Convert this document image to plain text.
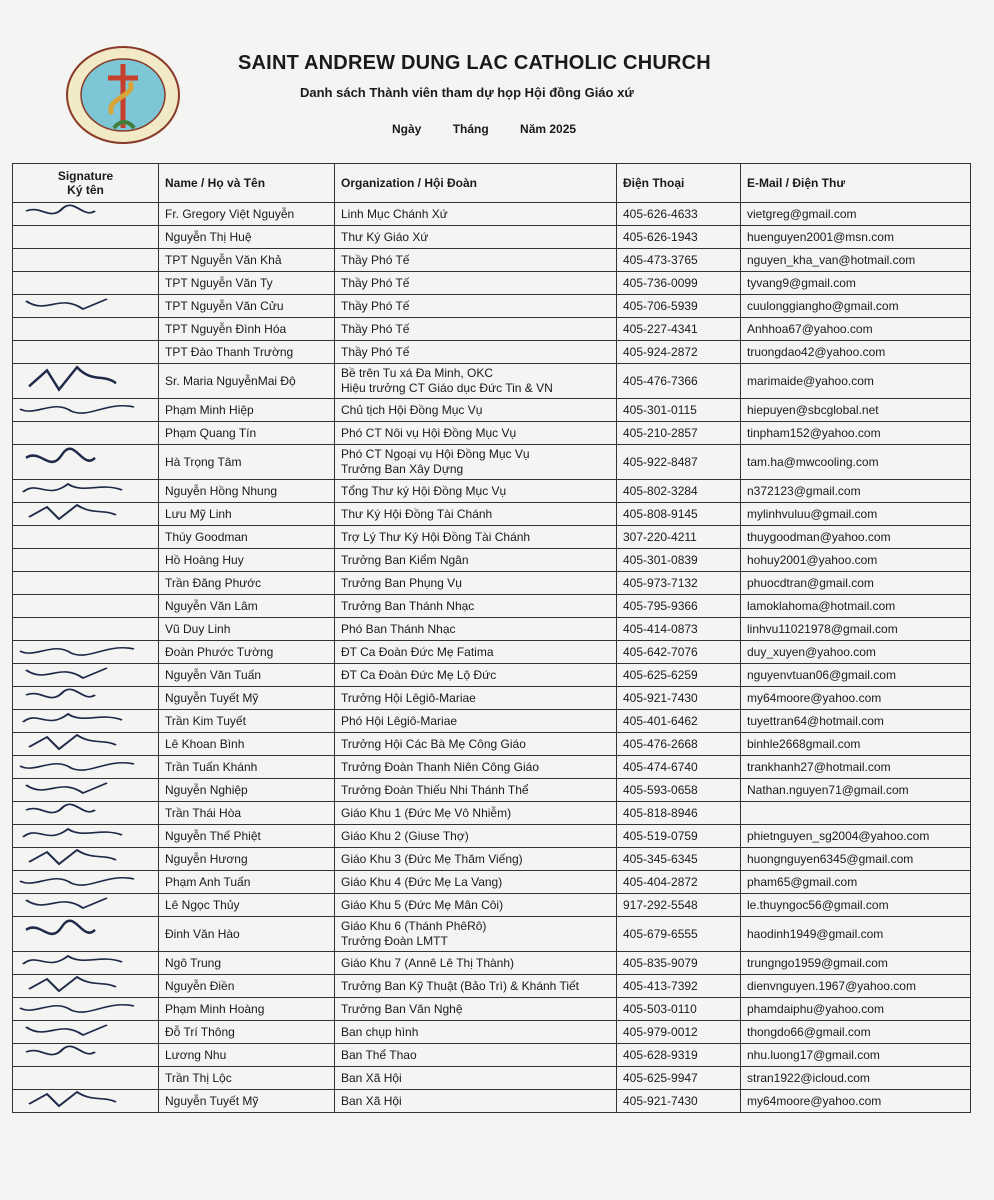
SAINT ANDREW DUNG LAC CATHOLIC CHURCH
Danh sách Thành viên tham dự họp Hội đồng Giáo xứ
Ngày	Tháng	Năm 2025
Signature
Ký tên	Name / Họ và Tên	Organization / Hội Đoàn	Điện Thoại	E-Mail / Điện Thư

	Fr. Gregory Việt Nguyễn	Linh Mục Chánh Xứ	405-626-4633	vietgreg@gmail.com
	Nguyễn Thị Huệ	Thư Ký Giáo Xứ	405-626-1943	huenguyen2001@msn.com
	TPT Nguyễn Văn Khả	Thầy Phó Tế	405-473-3765	nguyen_kha_van@hotmail.com
	TPT Nguyễn Văn Ty	Thầy Phó Tế	405-736-0099	tyvang9@gmail.com

	TPT Nguyễn Văn Cửu	Thầy Phó Tế	405-706-5939	cuulonggiangho@gmail.com
	TPT Nguyễn Đình Hóa	Thầy Phó Tế	405-227-4341	Anhhoa67@yahoo.com
	TPT Đào Thanh Trường	Thầy Phó Tế	405-924-2872	truongdao42@yahoo.com

	Sr. Maria NguyễnMai Độ	Bề trên Tu xá Đa Minh, OKC
Hiệu trưởng CT Giáo dục Đức Tin & VN	405-476-7366	marimaide@yahoo.com

	Phạm Minh Hiệp	Chủ tịch Hội Đồng Mục Vụ	405-301-0115	hiepuyen@sbcglobal.net
	Phạm Quang Tín	Phó CT Nôi vụ Hội Đồng Mục Vụ	405-210-2857	tinpham152@yahoo.com

	Hà Trọng Tâm	Phó CT Ngoại vụ Hội Đồng Mục Vụ
Trưởng Ban Xây Dựng	405-922-8487	tam.ha@mwcooling.com

	Nguyễn Hồng Nhung	Tổng Thư ký Hội Đồng Mục Vụ	405-802-3284	n372123@gmail.com

	Lưu Mỹ Linh	Thư Ký Hội Đồng Tài Chánh	405-808-9145	mylinhvuluu@gmail.com
	Thúy Goodman	Trợ Lý Thư Ký Hội Đồng Tài Chánh	307-220-4211	thuygoodman@yahoo.com
	Hồ Hoàng Huy	Trưởng Ban Kiểm Ngân	405-301-0839	hohuy2001@yahoo.com
	Trần Đăng Phước	Trưởng Ban Phụng Vụ	405-973-7132	phuocdtran@gmail.com
	Nguyễn Văn Lâm	Trưởng Ban Thánh Nhạc	405-795-9366	lamoklahoma@hotmail.com
	Vũ Duy Linh	Phó Ban Thánh Nhạc	405-414-0873	linhvu11021978@gmail.com

	Đoàn Phước Tường	ĐT Ca Đoàn Đức Mẹ Fatima	405-642-7076	duy_xuyen@yahoo.com

	Nguyễn Văn Tuấn	ĐT Ca Đoàn Đức Mẹ Lộ Đức	405-625-6259	nguyenvtuan06@gmail.com

	Nguyễn Tuyết Mỹ	Trưởng Hội Lêgiô-Mariae	405-921-7430	my64moore@yahoo.com

	Trần Kim Tuyết	Phó Hội Lêgiô-Mariae	405-401-6462	tuyettran64@hotmail.com

	Lê Khoan Bình	Trưởng Hội Các Bà Mẹ Công Giáo	405-476-2668	binhle2668gmail.com

	Trần Tuấn Khánh	Trưởng Đoàn Thanh Niên Công Giáo	405-474-6740	trankhanh27@hotmail.com

	Nguyễn Nghiệp	Trưởng Đoàn Thiếu Nhi Thánh Thể	405-593-0658	Nathan.nguyen71@gmail.com

	Trần Thái Hòa	Giáo Khu 1 (Đức Mẹ Vô Nhiễm)	405-818-8946	

	Nguyễn Thế Phiệt	Giáo Khu 2 (Giuse Thợ)	405-519-0759	phietnguyen_sg2004@yahoo.com

	Nguyễn Hương	Giáo Khu 3 (Đức Mẹ Thăm Viếng)	405-345-6345	huongnguyen6345@gmail.com

	Phạm Anh Tuấn	Giáo Khu 4 (Đức Mẹ La Vang)	405-404-2872	pham65@gmail.com

	Lê Ngọc Thủy	Giáo Khu 5 (Đức Mẹ Mân Côi)	917-292-5548	le.thuyngoc56@gmail.com

	Đinh Văn Hào	Giáo Khu 6 (Thánh PhêRô)
Trưởng Đoàn LMTT	405-679-6555	haodinh1949@gmail.com

	Ngô Trung	Giáo Khu 7 (Annê Lê Thị Thành)	405-835-9079	trungngo1959@gmail.com

	Nguyễn Điền	Trưởng Ban Kỹ Thuật (Bảo Trì) & Khánh Tiết	405-413-7392	dienvnguyen.1967@yahoo.com

	Phạm Minh Hoàng	Trưởng Ban Văn Nghệ	405-503-0110	phamdaiphu@yahoo.com

	Đỗ Trí Thông	Ban chụp hình	405-979-0012	thongdo66@gmail.com

	Lương Nhu	Ban Thể Thao	405-628-9319	nhu.luong17@gmail.com
	Trần Thị Lộc	Ban Xã Hội	405-625-9947	stran1922@icloud.com

	Nguyễn Tuyết Mỹ	Ban Xã Hội	405-921-7430	my64moore@yahoo.com
